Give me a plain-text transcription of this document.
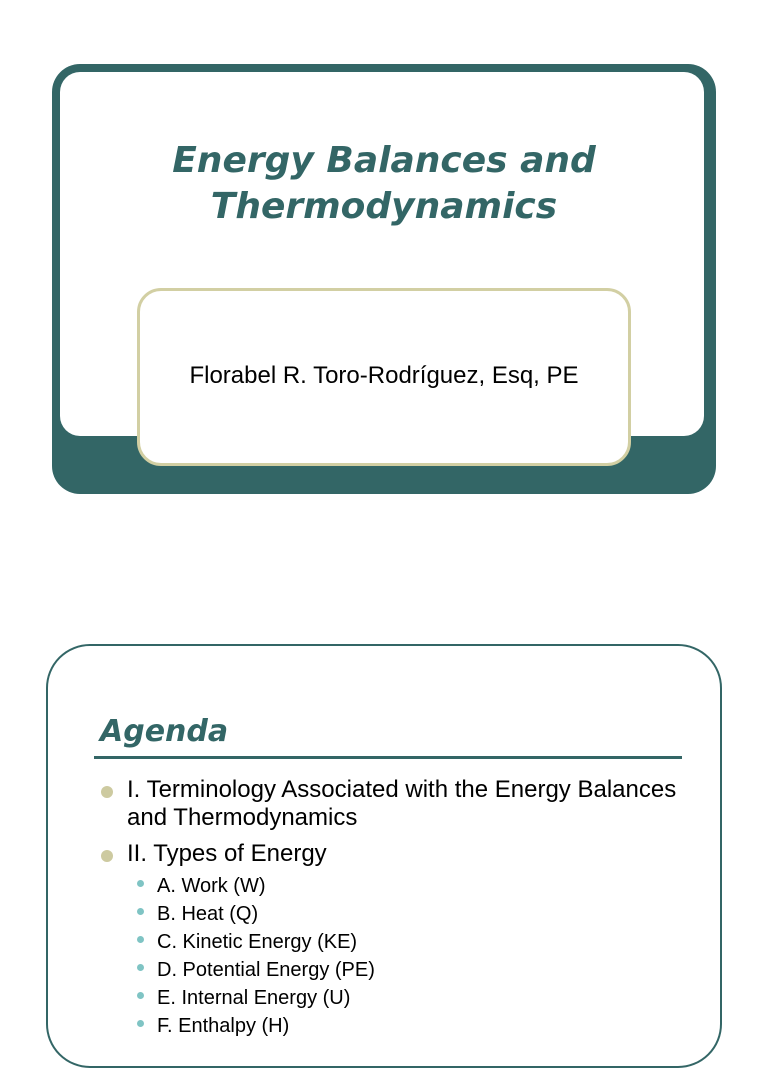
Energy Balances and
Thermodynamics

Florabel R. Toro-Rodríguez, Esq, PE

Agenda
I. Terminology Associated with the Energy Balances and Thermodynamics
II. Types of Energy
A. Work (W)
B. Heat (Q)
C. Kinetic Energy (KE)
D. Potential Energy (PE)
E. Internal Energy (U)
F. Enthalpy (H)
